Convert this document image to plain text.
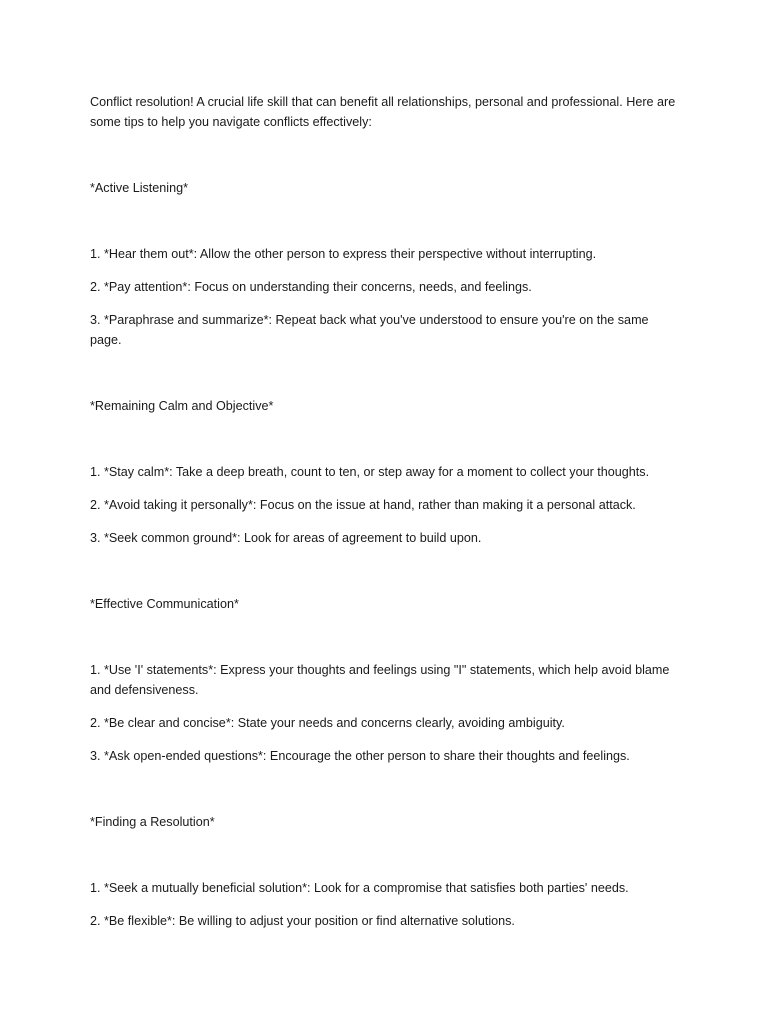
Conflict resolution! A crucial life skill that can benefit all relationships, personal and professional. Here are some tips to help you navigate conflicts effectively:

*Active Listening*

1. *Hear them out*: Allow the other person to express their perspective without interrupting.

2. *Pay attention*: Focus on understanding their concerns, needs, and feelings.

3. *Paraphrase and summarize*: Repeat back what you've understood to ensure you're on the same page.

*Remaining Calm and Objective*

1. *Stay calm*: Take a deep breath, count to ten, or step away for a moment to collect your thoughts.

2. *Avoid taking it personally*: Focus on the issue at hand, rather than making it a personal attack.

3. *Seek common ground*: Look for areas of agreement to build upon.

*Effective Communication*

1. *Use 'I' statements*: Express your thoughts and feelings using "I" statements, which help avoid blame and defensiveness.

2. *Be clear and concise*: State your needs and concerns clearly, avoiding ambiguity.

3. *Ask open-ended questions*: Encourage the other person to share their thoughts and feelings.

*Finding a Resolution*

1. *Seek a mutually beneficial solution*: Look for a compromise that satisfies both parties' needs.

2. *Be flexible*: Be willing to adjust your position or find alternative solutions.
